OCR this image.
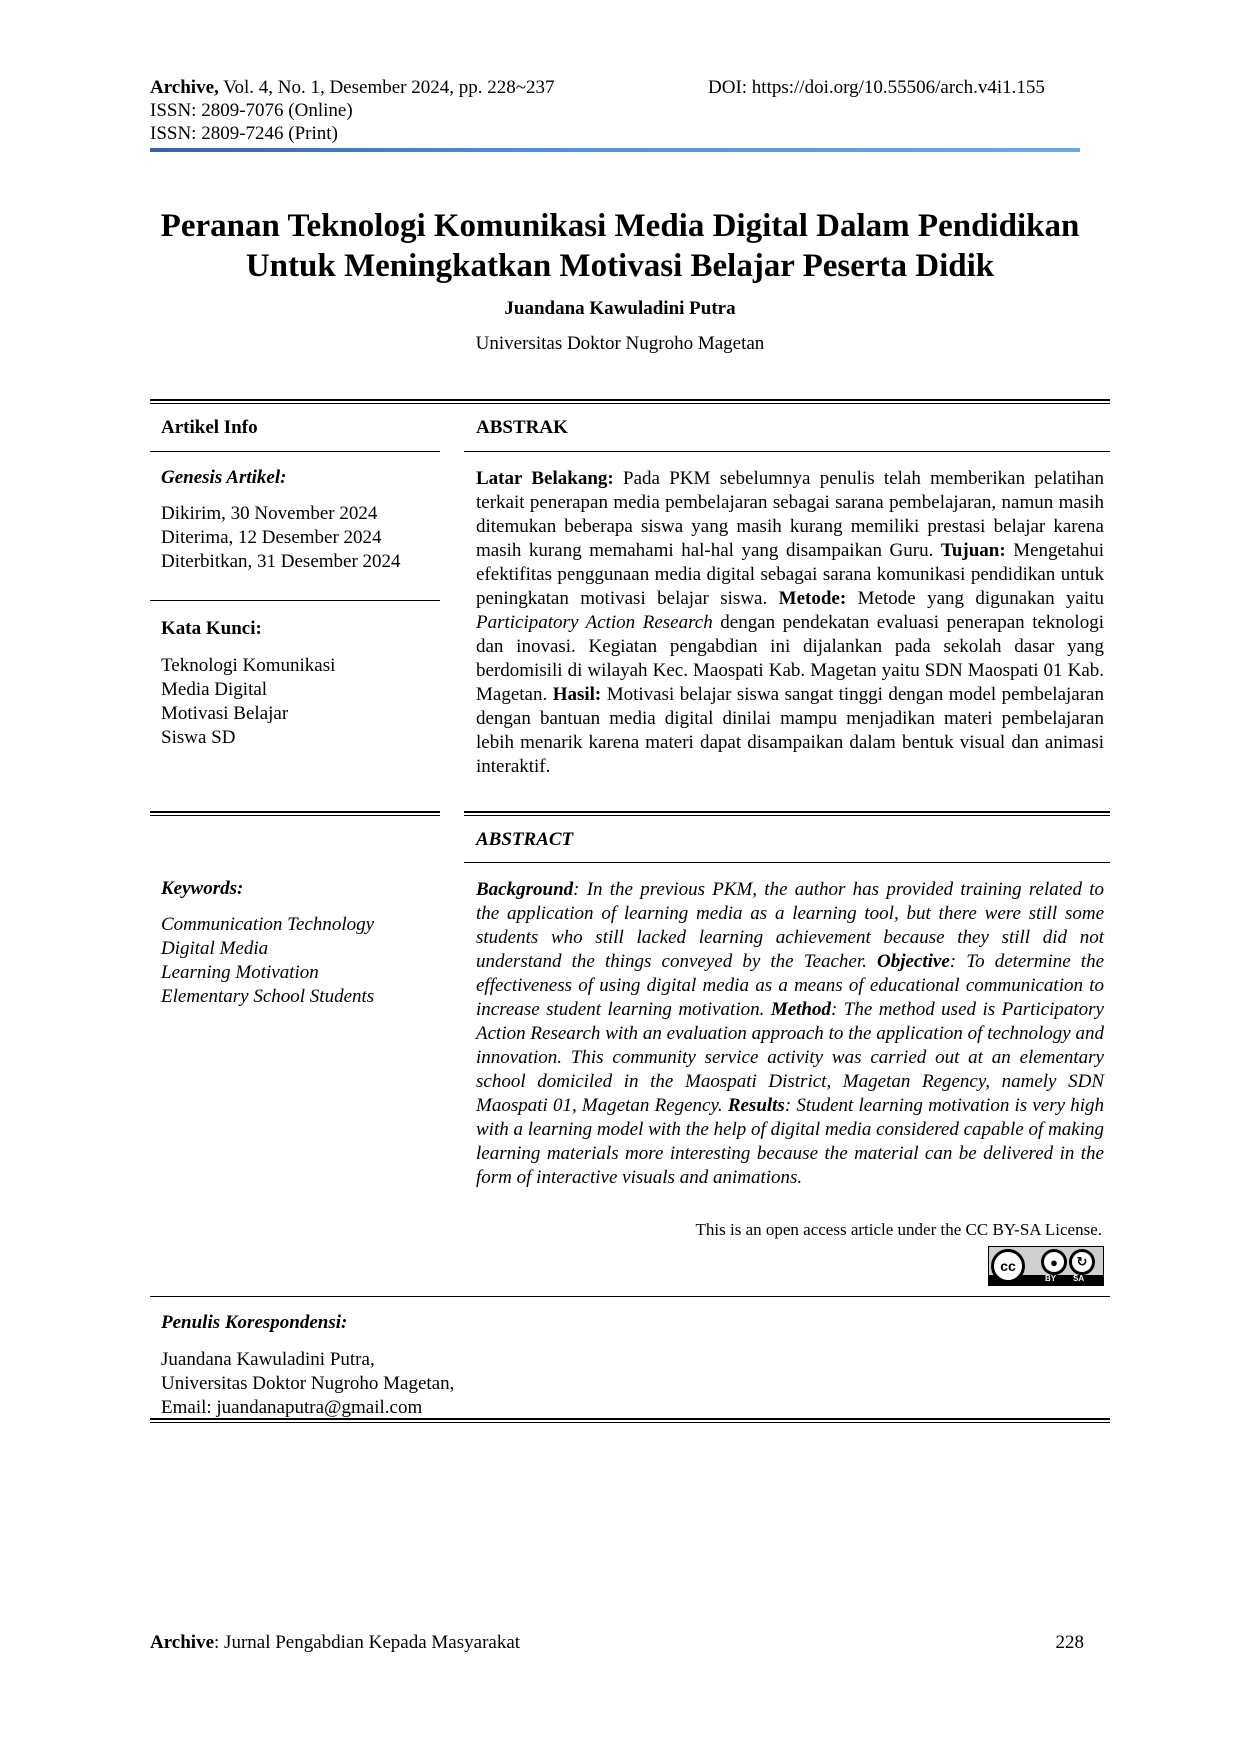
Archive, Vol. 4, No. 1, Desember 2024, pp. 228~237	DOI: https://doi.org/10.55506/arch.v4i1.155
ISSN: 2809-7076 (Online)
ISSN: 2809-7246 (Print)
Peranan Teknologi Komunikasi Media Digital Dalam Pendidikan
Untuk Meningkatkan Motivasi Belajar Peserta Didik
Juandana Kawuladini Putra
Universitas Doktor Nugroho Magetan
Artikel Info
Genesis Artikel:
Dikirim, 30 November 2024
Diterima, 12 Desember 2024
Diterbitkan, 31 Desember 2024
Kata Kunci:
Teknologi Komunikasi
Media Digital
Motivasi Belajar
Siswa SD
ABSTRAK
Latar Belakang: Pada PKM sebelumnya penulis telah memberikan pelatihan terkait penerapan media pembelajaran sebagai sarana pembelajaran, namun masih ditemukan beberapa siswa yang masih kurang memiliki prestasi belajar karena masih kurang memahami hal-hal yang disampaikan Guru. Tujuan: Mengetahui efektifitas penggunaan media digital sebagai sarana komunikasi pendidikan untuk peningkatan motivasi belajar siswa. Metode: Metode yang digunakan yaitu Participatory Action Research dengan pendekatan evaluasi penerapan teknologi dan inovasi. Kegiatan pengabdian ini dijalankan pada sekolah dasar yang berdomisili di wilayah Kec. Maospati Kab. Magetan yaitu SDN Maospati 01 Kab. Magetan. Hasil: Motivasi belajar siswa sangat tinggi dengan model pembelajaran dengan bantuan media digital dinilai mampu menjadikan materi pembelajaran lebih menarik karena materi dapat disampaikan dalam bentuk visual dan animasi interaktif.
ABSTRACT
Background: In the previous PKM, the author has provided training related to the application of learning media as a learning tool, but there were still some students who still lacked learning achievement because they still did not understand the things conveyed by the Teacher. Objective: To determine the effectiveness of using digital media as a means of educational communication to increase student learning motivation. Method: The method used is Participatory Action Research with an evaluation approach to the application of technology and innovation. This community service activity was carried out at an elementary school domiciled in the Maospati District, Magetan Regency, namely SDN Maospati 01, Magetan Regency. Results: Student learning motivation is very high with a learning model with the help of digital media considered capable of making learning materials more interesting because the material can be delivered in the form of interactive visuals and animations.
Keywords:
Communication Technology
Digital Media
Learning Motivation
Elementary School Students
This is an open access article under the CC BY-SA License.
cc	●	↻
BY SA
Penulis Korespondensi:
Juandana Kawuladini Putra,
Universitas Doktor Nugroho Magetan,
Email: juandanaputra@gmail.com
Archive: Jurnal Pengabdian Kepada Masyarakat	228
